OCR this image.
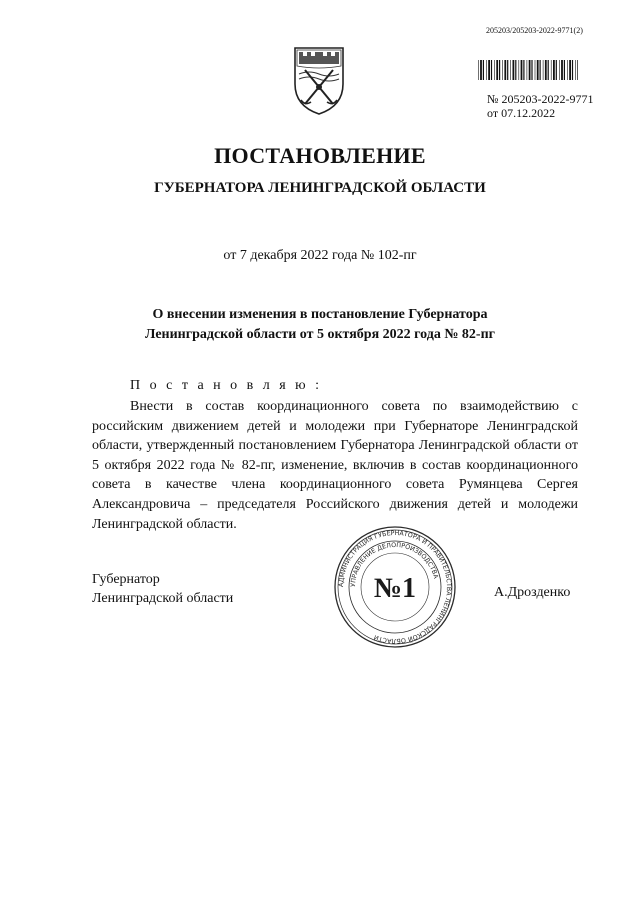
205203/205203-2022-9771(2)
№ 205203-2022-9771
от 07.12.2022
ПОСТАНОВЛЕНИЕ
ГУБЕРНАТОРА ЛЕНИНГРАДСКОЙ ОБЛАСТИ
от 7 декабря 2022 года № 102-пг
О внесении изменения в постановление Губернатора
Ленинградской области от 5 октября 2022 года № 82-пг
П о с т а н о в л я ю :
Внести в состав координационного совета по взаимодействию с российским движением детей и молодежи при Губернаторе Ленинградской области, утвержденный постановлением Губернатора Ленинградской области от 5 октября 2022 года № 82-пг, изменение, включив в состав координационного совета в качестве члена координационного совета Румянцева Сергея Александровича – председателя Российского движения детей и молодежи Ленинградской области.
Губернатор
Ленинградской области
АДМИНИСТРАЦИЯ ГУБЕРНАТОРА И ПРАВИТЕЛЬСТВА ЛЕНИНГРАДСКОЙ ОБЛАСТИ
УПРАВЛЕНИЕ ДЕЛОПРОИЗВОДСТВА
№1	А.Дрозденко
